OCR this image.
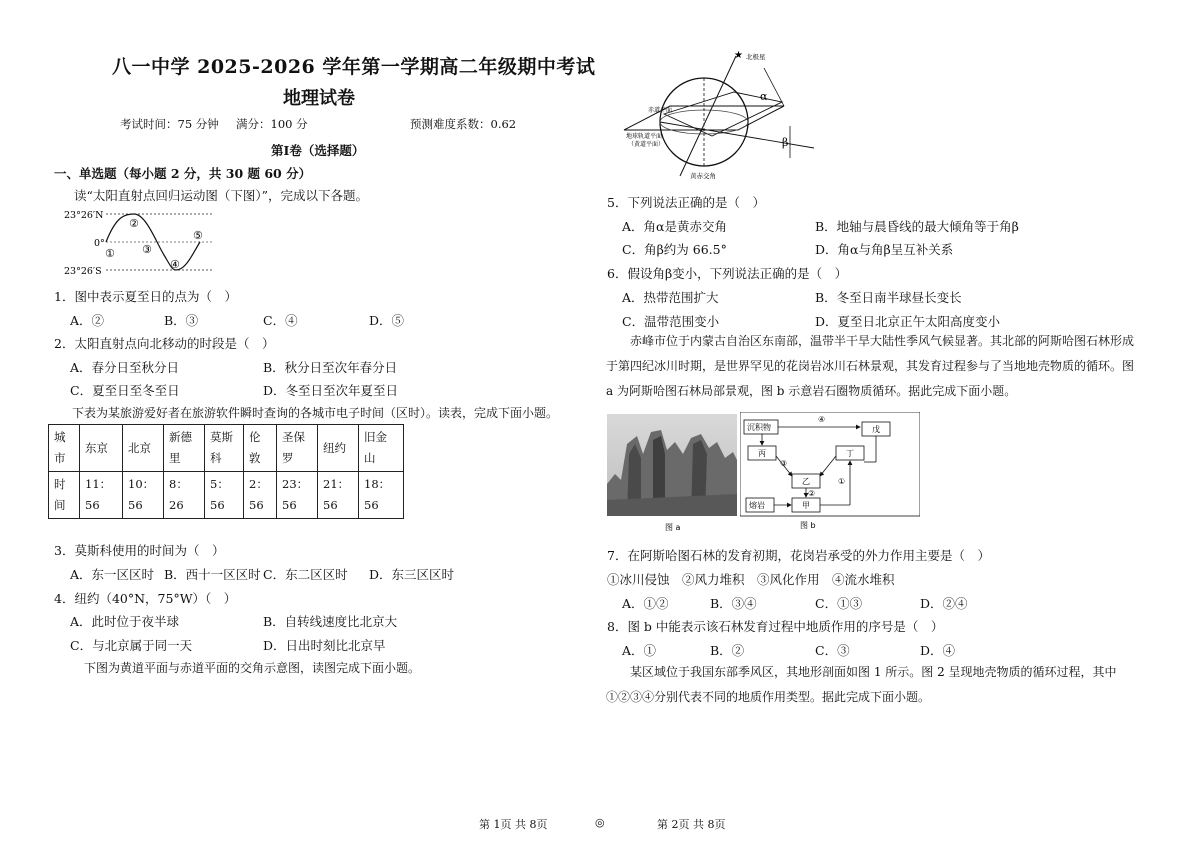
八一中学 2025-2026 学年第一学期高二年级期中考试
地理试卷
考试时间：75 分钟 满分：100 分	预测难度系数：0.62
第Ⅰ卷（选择题）
一、单选题（每小题 2 分，共 30 题 60 分）
读“太阳直射点回归运动图（下图）”，完成以下各题。
23°26′N
0°
23°26′S
①
②
③
④
⑤
1．图中表示夏至日的点为（　）
A．②	B．③	C．④	D．⑤
2．太阳直射点向北移动的时段是（　）
A．春分日至秋分日	B．秋分日至次年春分日
C．夏至日至冬至日	D．冬至日至次年夏至日
下表为某旅游爱好者在旅游软件瞬时查询的各城市电子时间（区时）。读表，完成下面小题。
城市	东京	北京	新德里	莫斯科	伦敦	圣保罗	纽约	旧金山
时间	11：56	10：56	8：26	5：56	2：56	23：56	21：56	18：56
3．莫斯科使用的时间为（　）
A．东一区区时 B．西十一区区时 C．东二区区时 D．东三区区时
4．纽约（40°N，75°W）（　）
A．此时位于夜半球	B．自转线速度比北京大
C．与北京属于同一天	D．日出时刻比北京早
下图为黄道平面与赤道平面的交角示意图，读图完成下面小题。
★ 北极星
赤道平面
地球轨道平面
（黄道平面）
黄赤交角
α
β
5．下列说法正确的是（　）
A．角α是黄赤交角	B．地轴与晨昏线的最大倾角等于角β
C．角β约为 66.5°	D．角α与角β呈互补关系
6．假设角β变小，下列说法正确的是（　）
A．热带范围扩大	B．冬至日南半球昼长变长
C．温带范围变小	D．夏至日北京正午太阳高度变小
赤峰市位于内蒙古自治区东南部，温带半干旱大陆性季风气候显著。其北部的阿斯哈图石林形成于第四纪冰川时期，是世界罕见的花岗岩冰川石林景观，其发育过程参与了当地地壳物质的循环。图 a 为阿斯哈图石林局部景观，图 b 示意岩石圈物质循环。据此完成下面小题。
图 a
沉积物	戊
丙	丁
乙
甲
熔岩
④
③
②
①
图 b
7．在阿斯哈图石林的发育初期，花岗岩承受的外力作用主要是（　）
①冰川侵蚀　②风力堆积　③风化作用　④流水堆积
A．①②	B．③④	C．①③	D．②④
8．图 b 中能表示该石林发育过程中地质作用的序号是（　）
A．①	B．②	C．③	D．④
某区域位于我国东部季风区，其地形剖面如图 1 所示。图 2 呈现地壳物质的循环过程，其中①②③④分别代表不同的地质作用类型。据此完成下面小题。
第 1页 共 8页	◎	第 2页 共 8页
